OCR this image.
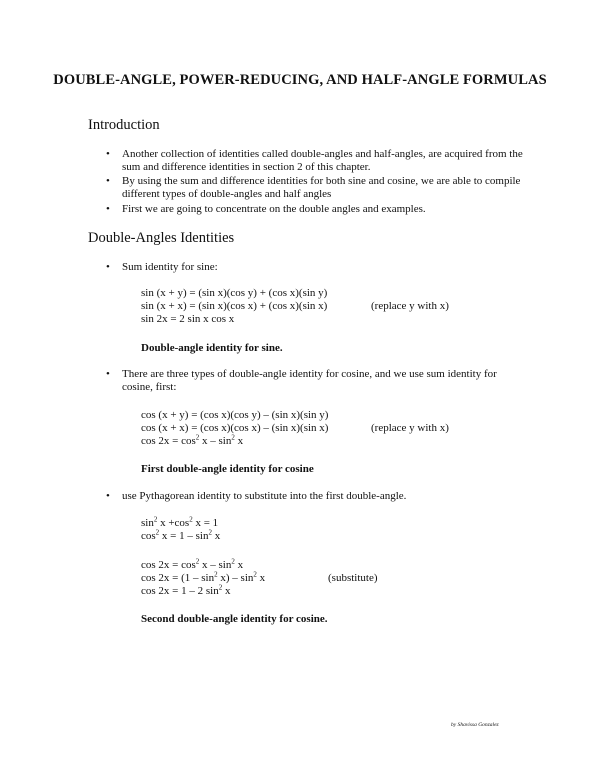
DOUBLE-ANGLE, POWER-REDUCING, AND HALF-ANGLE FORMULAS
Introduction
• Another collection of identities called double-angles and half-angles, are acquired from the sum and difference identities in section 2 of this chapter.
• By using the sum and difference identities for both sine and cosine, we are able to compile different types of double-angles and half angles
• First we are going to concentrate on the double angles and examples.
Double-Angles Identities
• Sum identity for sine:
sin (x + y) = (sin x)(cos y) + (cos x)(sin y)
sin (x + x) = (sin x)(cos x) + (cos x)(sin x)	(replace y with x)
sin 2x = 2 sin x cos x
Double-angle identity for sine.
• There are three types of double-angle identity for cosine, and we use sum identity for cosine, first:
cos (x + y) = (cos x)(cos y) – (sin x)(sin y)
cos (x + x) = (cos x)(cos x) – (sin x)(sin x)	(replace y with x)
$\cos 2x = \cos^2 x - \sin^2 x$
First double-angle identity for cosine
• use Pythagorean identity to substitute into the first double-angle.
$\sin^2 x +\cos^2$ x = 1
$\cos^2 x = 1 - \sin^2 x$
$\cos 2x = \cos^2 x - \sin^2 x$
$\cos 2x = (1 - \sin^2 x) - \sin^2 x$	(substitute)
cos 2x = 1 – 2 $\sin^2 x$
Second double-angle identity for cosine.
by Shavissa Gonzalez
